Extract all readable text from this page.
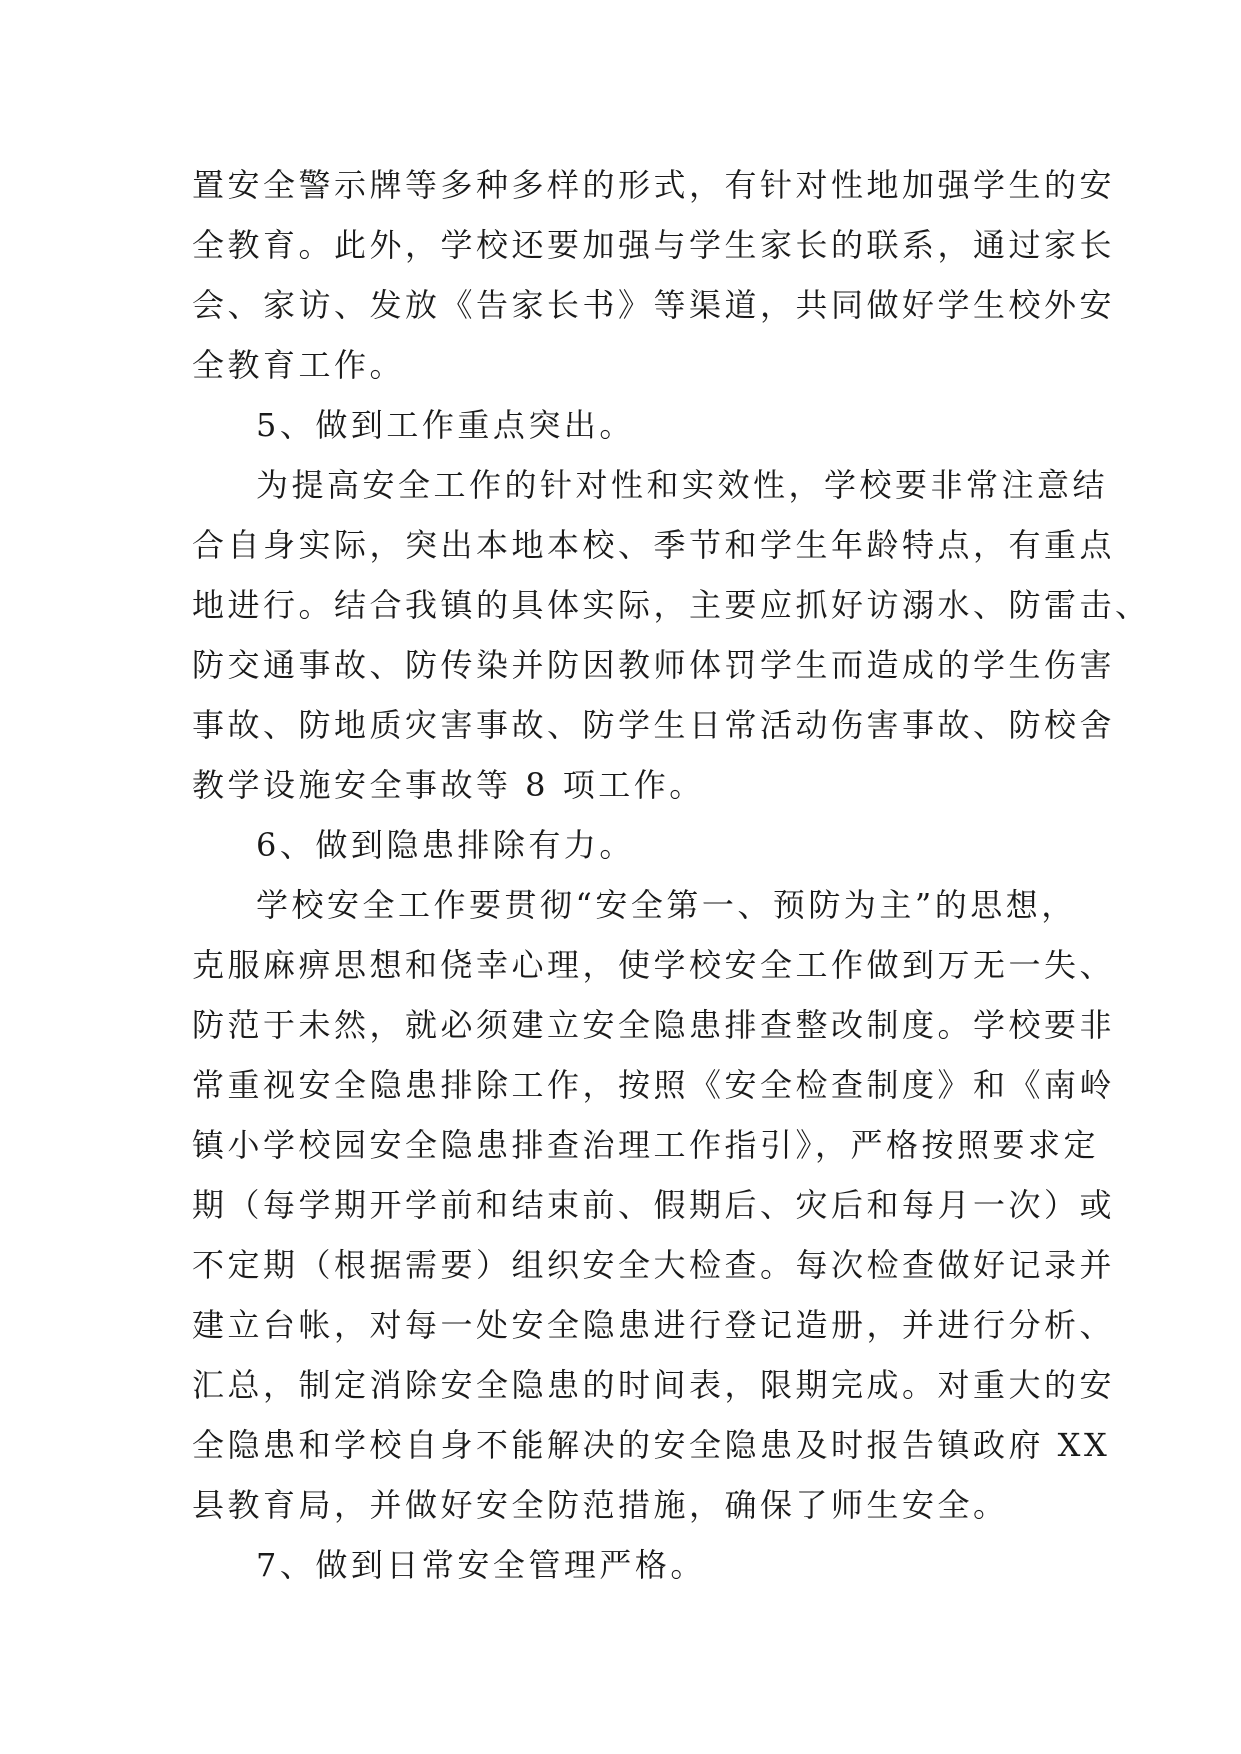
置安全警示牌等多种多样的形式，有针对性地加强学生的安
全教育。此外，学校还要加强与学生家长的联系，通过家长
会、家访、发放《告家长书》等渠道，共同做好学生校外安
全教育工作。
5、做到工作重点突出。
为提高安全工作的针对性和实效性，学校要非常注意结
合自身实际，突出本地本校、季节和学生年龄特点，有重点
地进行。结合我镇的具体实际，主要应抓好访溺水、防雷击、
防交通事故、防传染并防因教师体罚学生而造成的学生伤害
事故、防地质灾害事故、防学生日常活动伤害事故、防校舍
教学设施安全事故等 8 项工作。
6、做到隐患排除有力。
学校安全工作要贯彻“安全第一、预防为主”的思想，
克服麻痹思想和侥幸心理，使学校安全工作做到万无一失、
防范于未然，就必须建立安全隐患排查整改制度。学校要非
常重视安全隐患排除工作，按照《安全检查制度》和《南岭
镇小学校园安全隐患排查治理工作指引》，严格按照要求定
期（每学期开学前和结束前、假期后、灾后和每月一次）或
不定期（根据需要）组织安全大检查。每次检查做好记录并
建立台帐，对每一处安全隐患进行登记造册，并进行分析、
汇总，制定消除安全隐患的时间表，限期完成。对重大的安
全隐患和学校自身不能解决的安全隐患及时报告镇政府 XX
县教育局，并做好安全防范措施，确保了师生安全。
7、做到日常安全管理严格。
